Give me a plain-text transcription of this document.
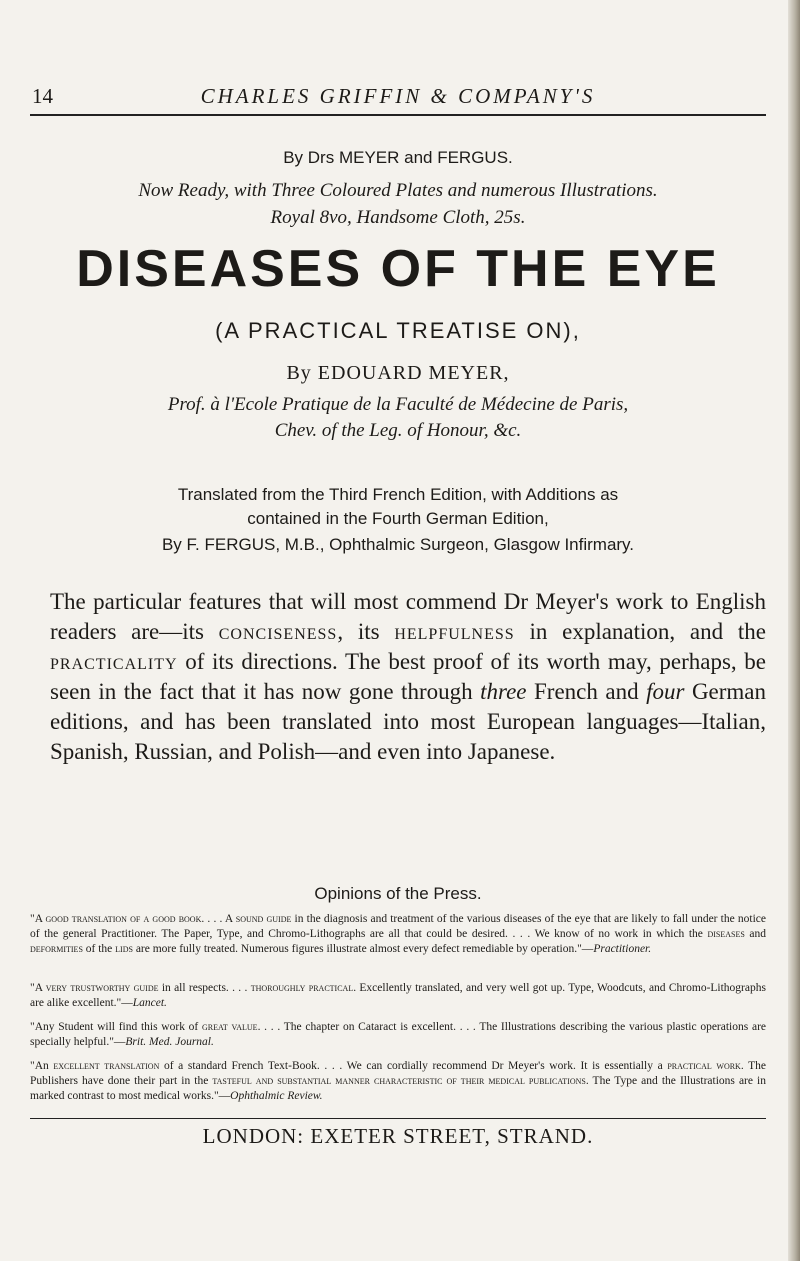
14	CHARLES GRIFFIN & COMPANY'S
By Drs MEYER and FERGUS.
Now Ready, with Three Coloured Plates and numerous Illustrations.
Royal 8vo, Handsome Cloth, 25s.
DISEASES OF THE EYE
(A PRACTICAL TREATISE ON),
By EDOUARD MEYER,
Prof. à l'Ecole Pratique de la Faculté de Médecine de Paris,
Chev. of the Leg. of Honour, &c.
Translated from the Third French Edition, with Additions as
contained in the Fourth German Edition,
By F. FERGUS, M.B., Ophthalmic Surgeon, Glasgow Infirmary.
The particular features that will most commend Dr Meyer's work to English readers are—its conciseness, its helpfulness in explanation, and the practicality of its directions. The best proof of its worth may, perhaps, be seen in the fact that it has now gone through three French and four German editions, and has been translated into most European languages—Italian, Spanish, Russian, and Polish—and even into Japanese.
Opinions of the Press.
"A good translation of a good book. . . . A sound guide in the diagnosis and treatment of the various diseases of the eye that are likely to fall under the notice of the general Practitioner. The Paper, Type, and Chromo-Lithographs are all that could be desired. . . . We know of no work in which the diseases and deformities of the lids are more fully treated. Numerous figures illustrate almost every defect remediable by operation."—Practitioner.
"A very trustworthy guide in all respects. . . . thoroughly practical. Excellently translated, and very well got up. Type, Woodcuts, and Chromo-Lithographs are alike excellent."—Lancet.
"Any Student will find this work of great value. . . . The chapter on Cataract is excellent. . . . The Illustrations describing the various plastic operations are specially helpful."—Brit. Med. Journal.
"An excellent translation of a standard French Text-Book. . . . We can cordially recommend Dr Meyer's work. It is essentially a practical work. The Publishers have done their part in the tasteful and substantial manner characteristic of their medical publications. The Type and the Illustrations are in marked contrast to most medical works."—Ophthalmic Review.
LONDON: EXETER STREET, STRAND.
